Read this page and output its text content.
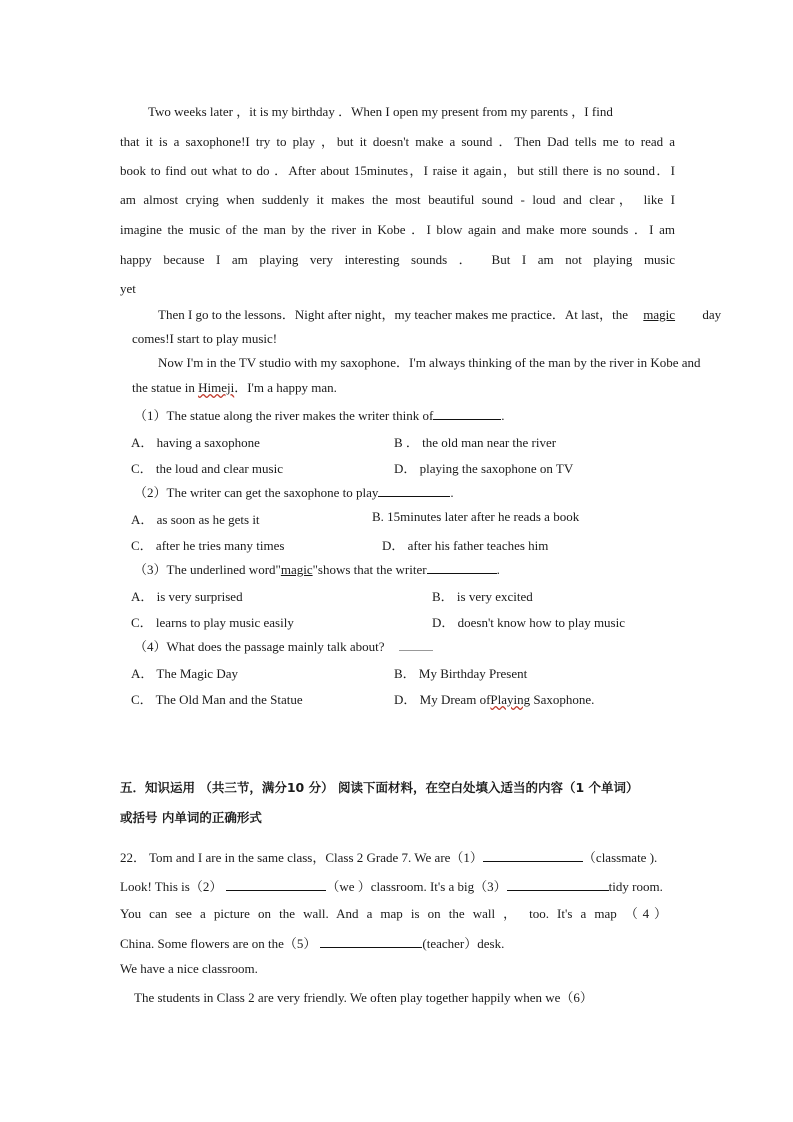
Two weeks later ，it is my birthday ．When I open my present from my parents ，I find
that it is a saxophone!I try to play ，but it doesn't make a sound ．Then Dad tells me to read a
book to find out what to do ．After about 15minutes，I raise it again，but still there is no sound．I
am almost crying when suddenly it makes the most beautiful sound - loud and clear， like I
imagine the music of the man by the river in Kobe ．I blow again and make more sounds ．I am
happy because I am playing very interesting sounds ． But I am not playing music
yet
Then I go to the lessons．Night after night，my teacher makes me practice．At last，the magic day
comes!I start to play music!
Now I'm in the TV studio with my saxophone．I'm always thinking of the man by the river in Kobe and
the statue in Himeji．I'm a happy man.
（1）The statue along the river makes the writer think of	.
A． having a saxophone	B ． the old man near the river
C． the loud and clear music	D． playing the saxophone on TV
（2）The writer can get the saxophone to play	.
A． as soon as he gets it	B. 15minutes later after he reads a book
C． after he tries many times	D． after his father teaches him
（3）The underlined word"magic"shows that the writer	.
A． is very surprised	B． is very excited
C． learns to play music easily	D． doesn't know how to play music
（4）What does the passage mainly talk about?
A． The Magic Day	B． My Birthday Present
C． The Old Man and the Statue	D． My Dream ofPlaying Saxophone.
五．知识运用 （共三节，满分10 分） 阅读下面材料，在空白处填入适当的内容（1 个单词）
或括号 内单词的正确形式
22． Tom and I are in the same class，Class 2 Grade 7. We are（1）	（classmate ).
Look! This is（2）	（we ）classroom. It's a big（3）	tidy room.
You can see a picture on the wall. And a map is on the wall ， too. It's a map （4）
China. Some flowers are on the（5）	(teacher）desk.
We have a nice classroom.
The students in Class 2 are very friendly. We often play together happily when we（6）
